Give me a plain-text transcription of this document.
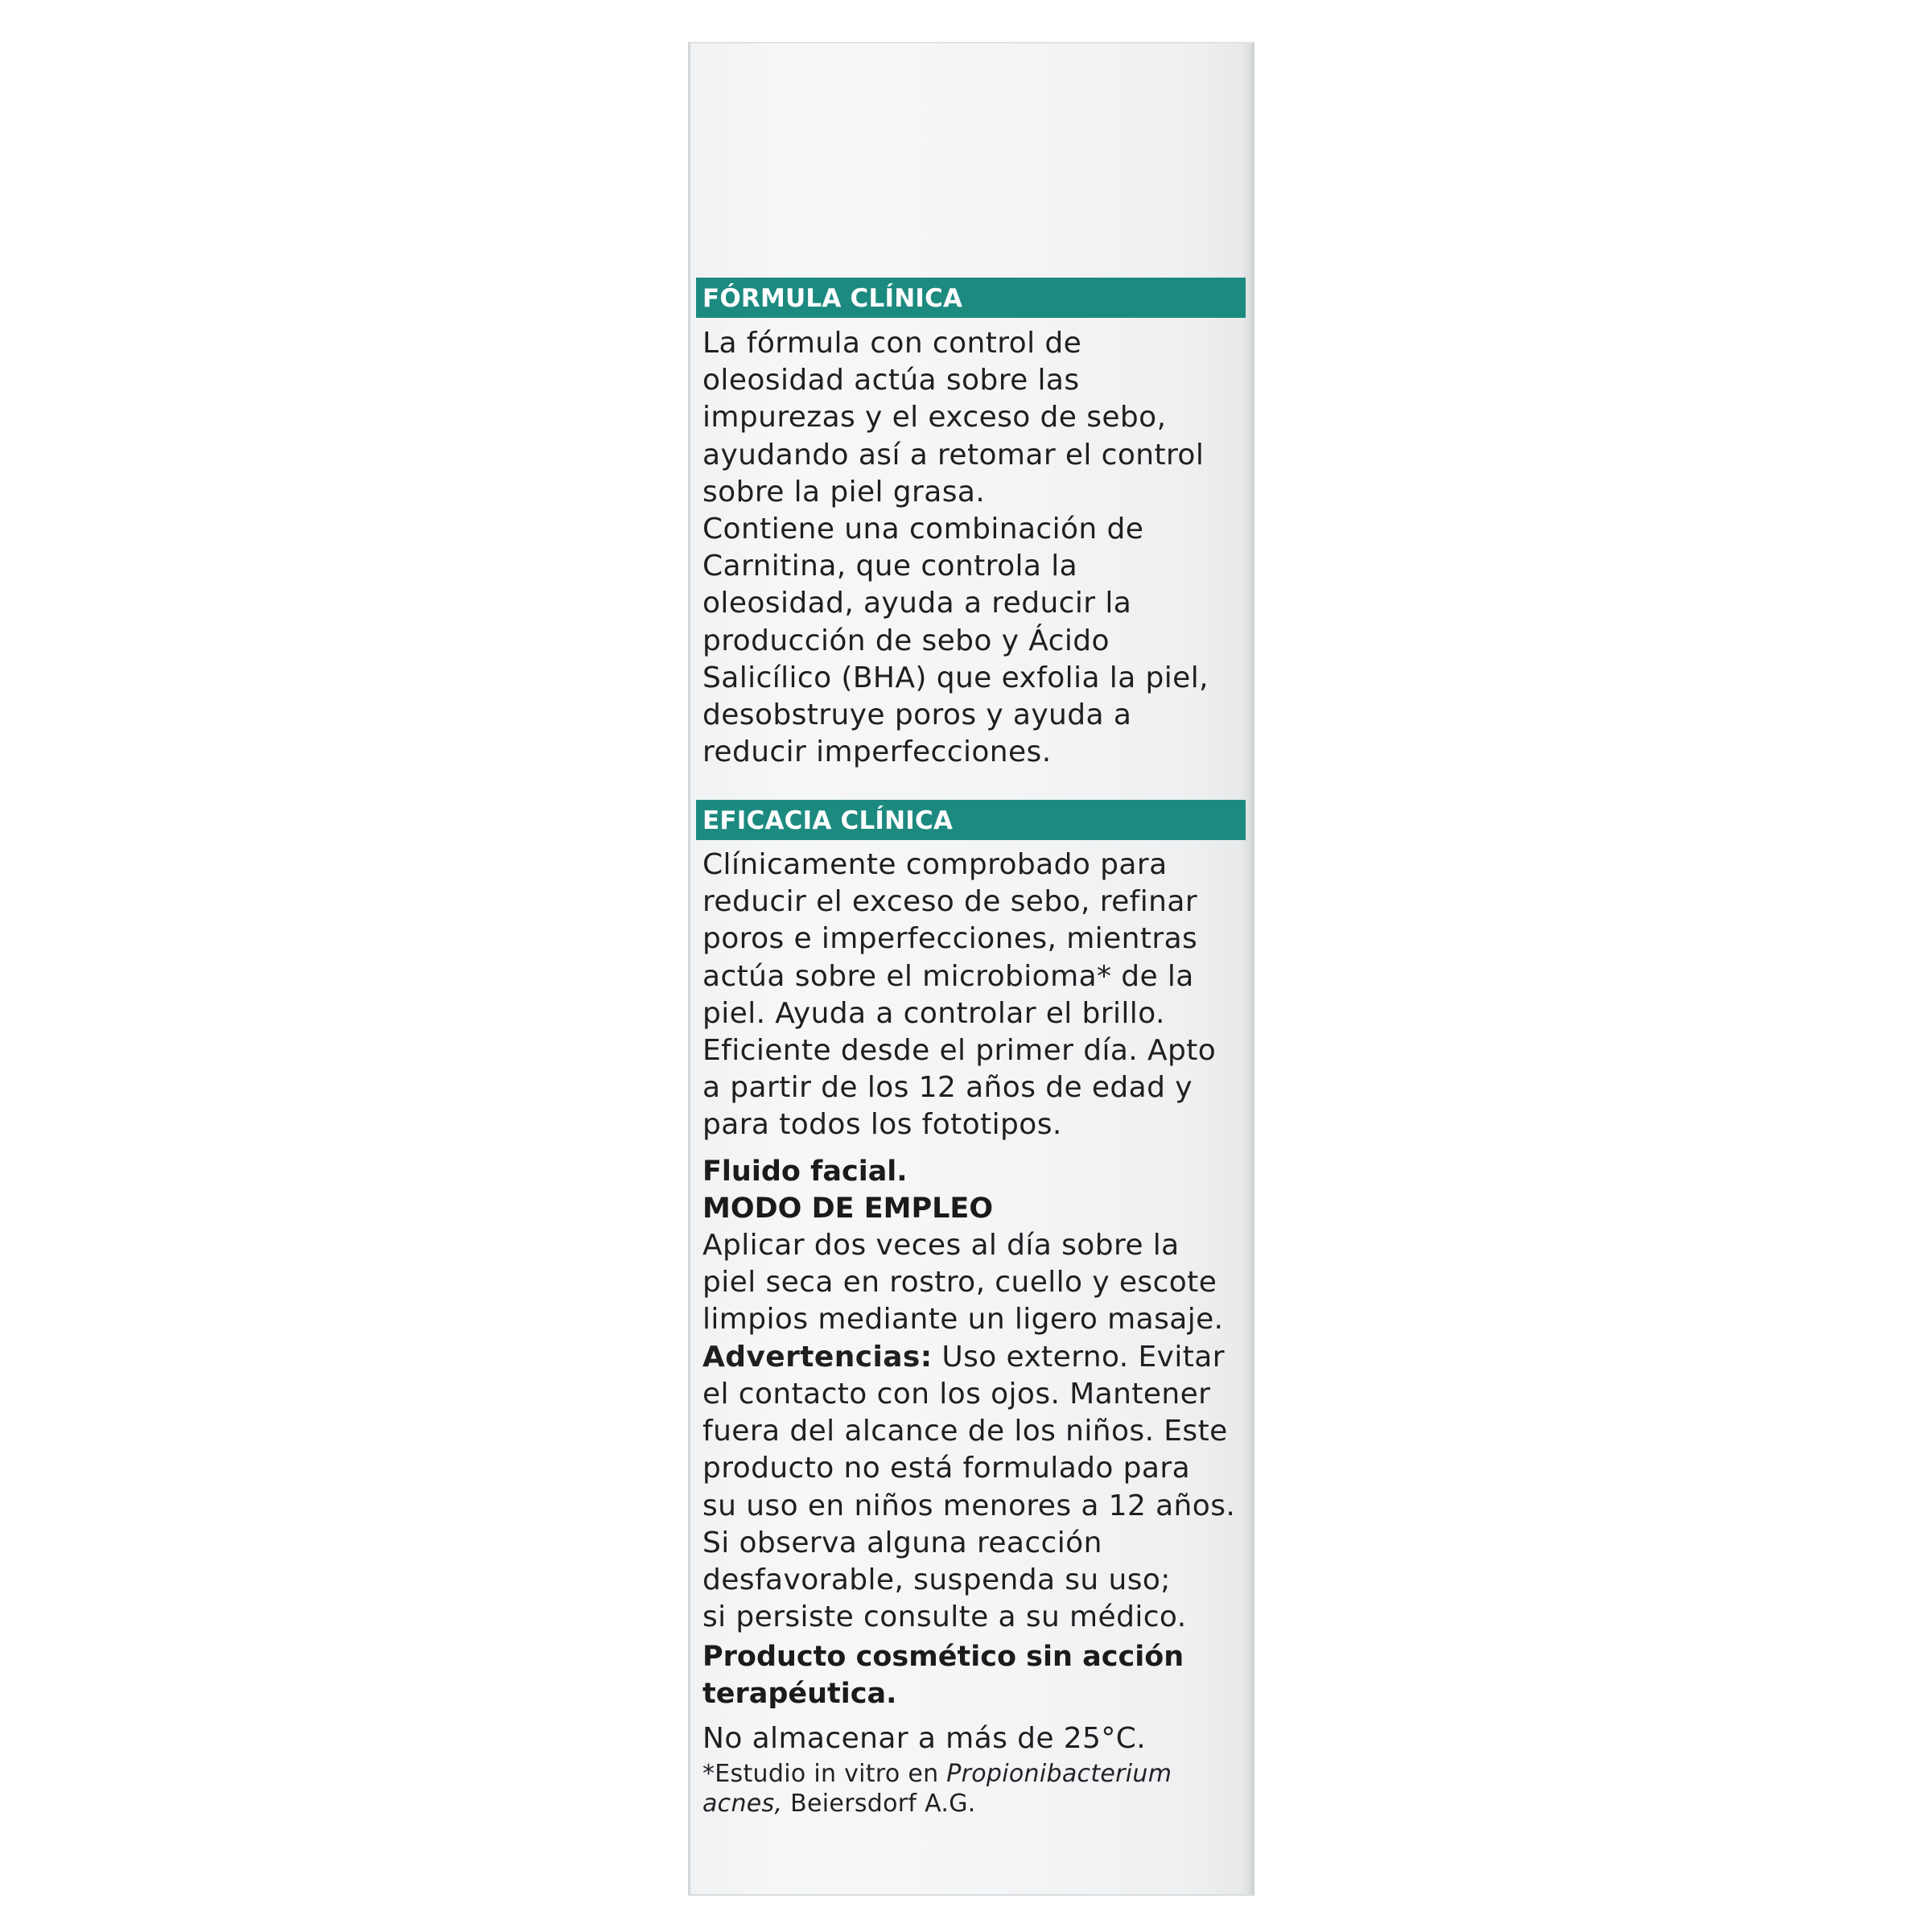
FÓRMULA CLÍNICA
La fórmula con control de
oleosidad actúa sobre las
impurezas y el exceso de sebo,
ayudando así a retomar el control
sobre la piel grasa.
Contiene una combinación de
Carnitina, que controla la
oleosidad, ayuda a reducir la
producción de sebo y Ácido
Salicílico (BHA) que exfolia la piel,
desobstruye poros y ayuda a
reducir imperfecciones.
EFICACIA CLÍNICA
Clínicamente comprobado para
reducir el exceso de sebo, refinar
poros e imperfecciones, mientras
actúa sobre el microbioma* de la
piel. Ayuda a controlar el brillo.
Eficiente desde el primer día. Apto
a partir de los 12 años de edad y
para todos los fototipos.
Fluido facial.
MODO DE EMPLEO
Aplicar dos veces al día sobre la
piel seca en rostro, cuello y escote
limpios mediante un ligero masaje.
Advertencias: Uso externo. Evitar
el contacto con los ojos. Mantener
fuera del alcance de los niños. Este
producto no está formulado para
su uso en niños menores a 12 años.
Si observa alguna reacción
desfavorable, suspenda su uso;
si persiste consulte a su médico.
Producto cosmético sin acción
terapéutica.
No almacenar a más de 25°C.
*Estudio in vitro en Propionibacterium
acnes, Beiersdorf A.G.
